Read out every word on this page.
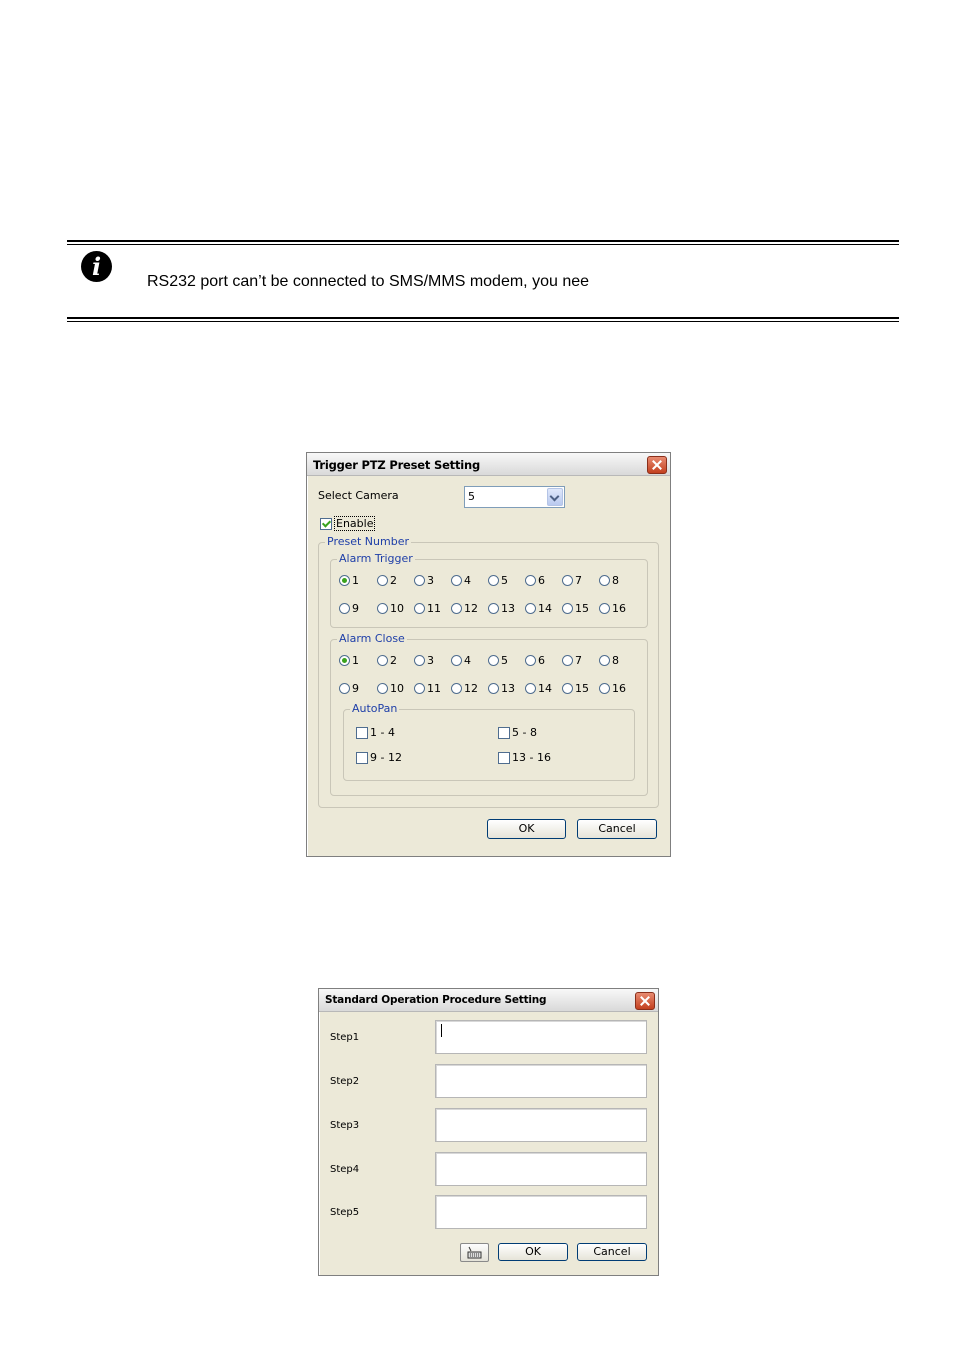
i
RS232 port can’t be connected to SMS/MMS modem, you nee
Trigger PTZ Preset Setting
Select Camera	5
Enable
Preset Number
Alarm Trigger
1	2	3	4	5	6	7	8
9	10 11 12 13 14 15 16
Alarm Close
1	2	3	4	5	6	7	8
9	10 11 12 13 14 15 16
AutoPan
1 - 4	5 - 8
9 - 12	13 - 16
OK	Cancel
Standard Operation Procedure Setting
Step1
Step2
Step3
Step4
Step5
OK	Cancel
